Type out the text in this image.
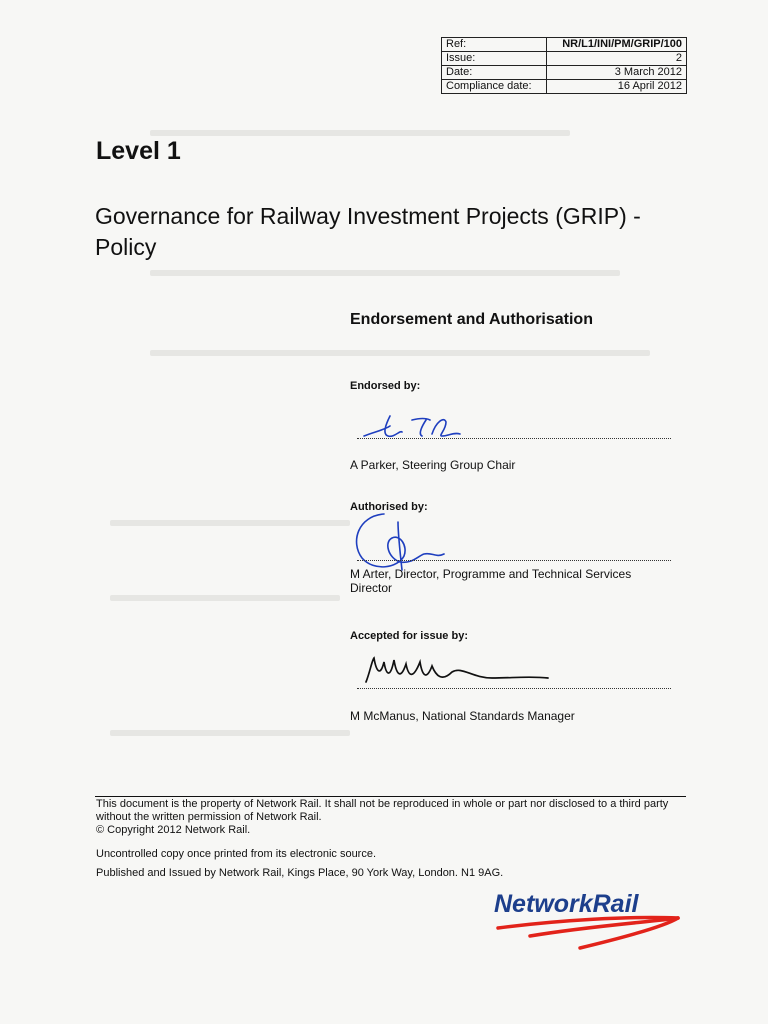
Ref:	NR/L1/INI/PM/GRIP/100
Issue:	2
Date:	3 March 2012
Compliance date:	16 April 2012
Level 1
Governance for Railway Investment Projects (GRIP) - Policy
Endorsement and Authorisation
Endorsed by:
A Parker, Steering Group Chair
Authorised by:
M Arter, Director, Programme and Technical Services Director
Accepted for issue by:
M McManus, National Standards Manager
This document is the property of Network Rail. It shall not be reproduced in whole or part nor disclosed to a third party without the written permission of Network Rail.
© Copyright 2012 Network Rail.
Uncontrolled copy once printed from its electronic source.
Published and Issued by Network Rail, Kings Place, 90 York Way, London. N1 9AG.
NetworkRail
